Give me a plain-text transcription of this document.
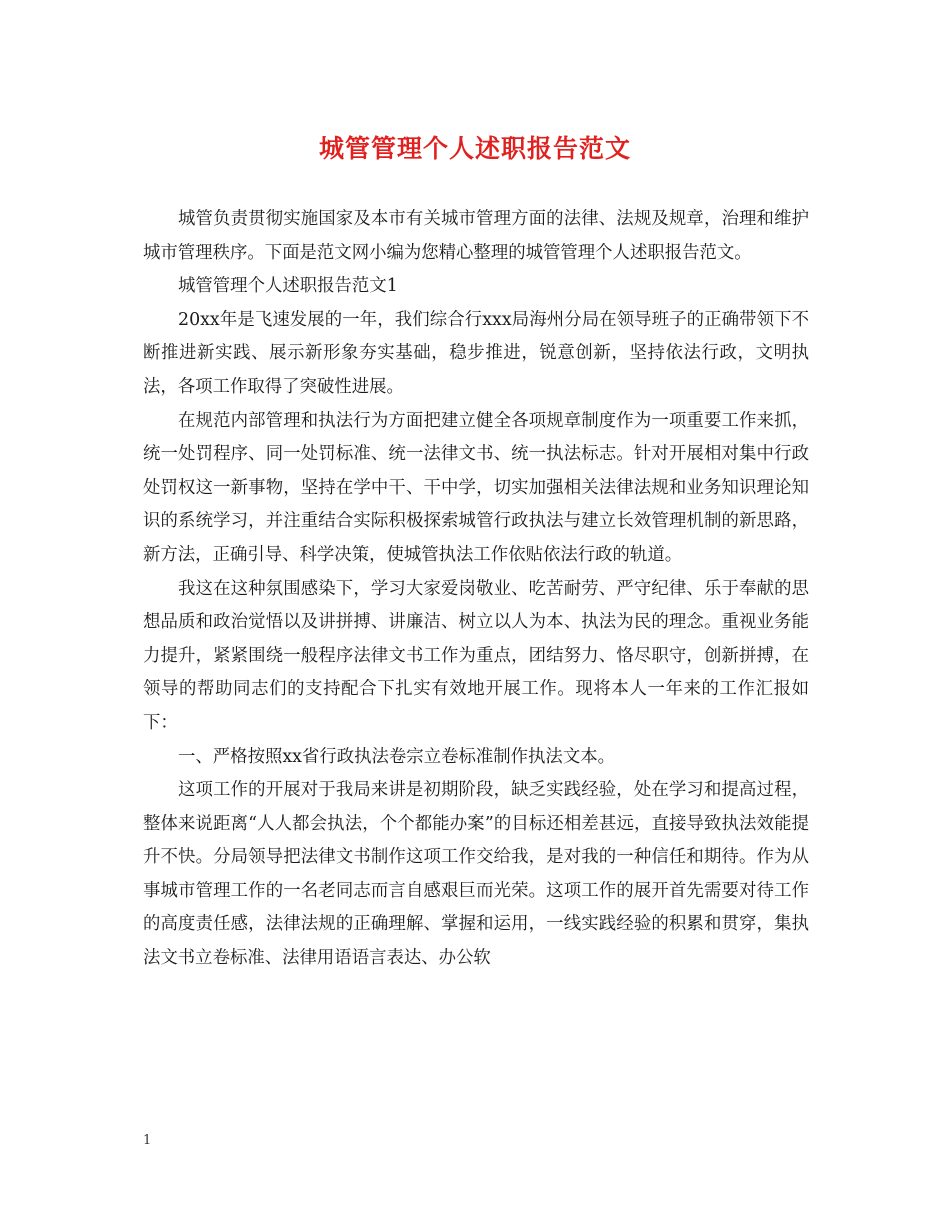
城管管理个人述职报告范文

城管负责贯彻实施国家及本市有关城市管理方面的法律、法规及规章，治理和维护城市管理秩序。下面是范文网小编为您精心整理的城管管理个人述职报告范文。

城管管理个人述职报告范文1

20xx年是飞速发展的一年，我们综合行xxx局海州分局在领导班子的正确带领下不断推进新实践、展示新形象夯实基础，稳步推进，锐意创新，坚持依法行政，文明执法，各项工作取得了突破性进展。

在规范内部管理和执法行为方面把建立健全各项规章制度作为一项重要工作来抓，统一处罚程序、同一处罚标准、统一法律文书、统一执法标志。针对开展相对集中行政处罚权这一新事物，坚持在学中干、干中学，切实加强相关法律法规和业务知识理论知识的系统学习，并注重结合实际积极探索城管行政执法与建立长效管理机制的新思路，新方法，正确引导、科学决策，使城管执法工作依贴依法行政的轨道。

我这在这种氛围感染下，学习大家爱岗敬业、吃苦耐劳、严守纪律、乐于奉献的思想品质和政治觉悟以及讲拼搏、讲廉洁、树立以人为本、执法为民的理念。重视业务能力提升，紧紧围绕一般程序法律文书工作为重点，团结努力、恪尽职守，创新拼搏，在领导的帮助同志们的支持配合下扎实有效地开展工作。现将本人一年来的工作汇报如下：

一、严格按照xx省行政执法卷宗立卷标准制作执法文本。

这项工作的开展对于我局来讲是初期阶段，缺乏实践经验，处在学习和提高过程，整体来说距离“人人都会执法，个个都能办案”的目标还相差甚远，直接导致执法效能提升不快。分局领导把法律文书制作这项工作交给我，是对我的一种信任和期待。作为从事城市管理工作的一名老同志而言自感艰巨而光荣。这项工作的展开首先需要对待工作的高度责任感，法律法规的正确理解、掌握和运用，一线实践经验的积累和贯穿，集执法文书立卷标准、法律用语语言表达、办公软

1
